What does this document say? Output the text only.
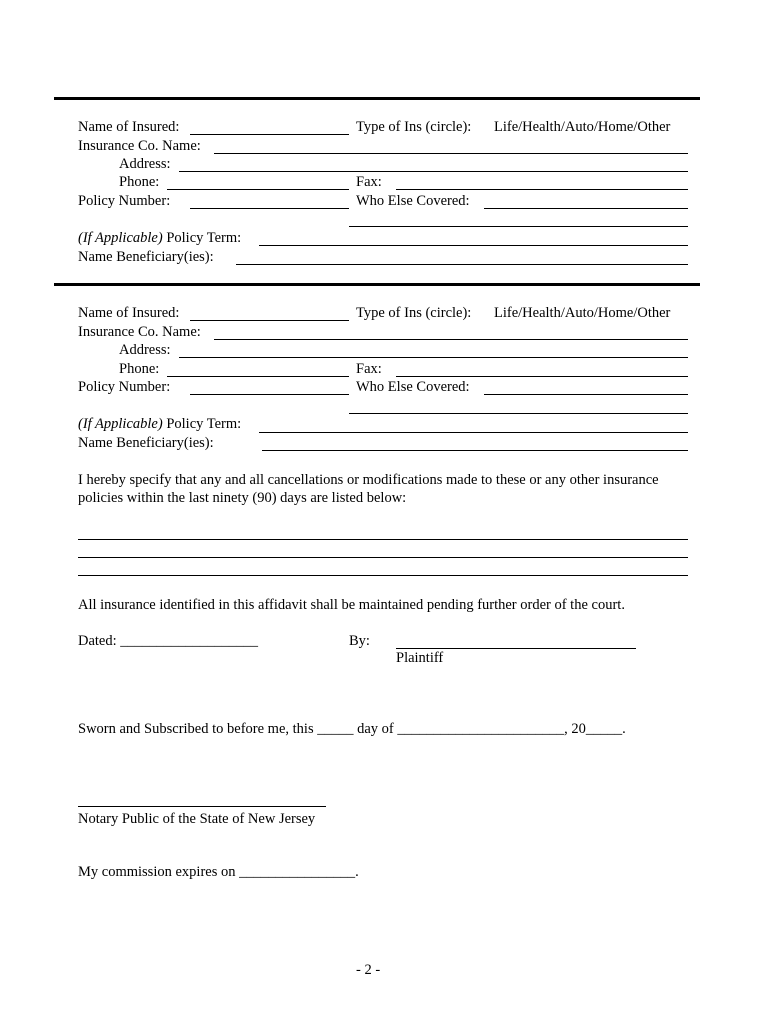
Name of Insured:	Type of Ins (circle): Life/Health/Auto/Home/Other
Insurance Co. Name:
Address:
Phone:	Fax:
Policy Number:	Who Else Covered:
(If Applicable) Policy Term:
Name Beneficiary(ies):
Name of Insured:	Type of Ins (circle): Life/Health/Auto/Home/Other
Insurance Co. Name:
Address:
Phone:	Fax:
Policy Number:	Who Else Covered:
(If Applicable) Policy Term:
Name Beneficiary(ies):
I hereby specify that any and all cancellations or modifications made to these or any other insurance
policies within the last ninety (90) days are listed below:
All insurance identified in this affidavit shall be maintained pending further order of the court.
Dated: ___________________	By:
Plaintiff
Sworn and Subscribed to before me, this _____ day of _______________________, 20_____.
Notary Public of the State of New Jersey
My commission expires on ________________.
- 2 -
